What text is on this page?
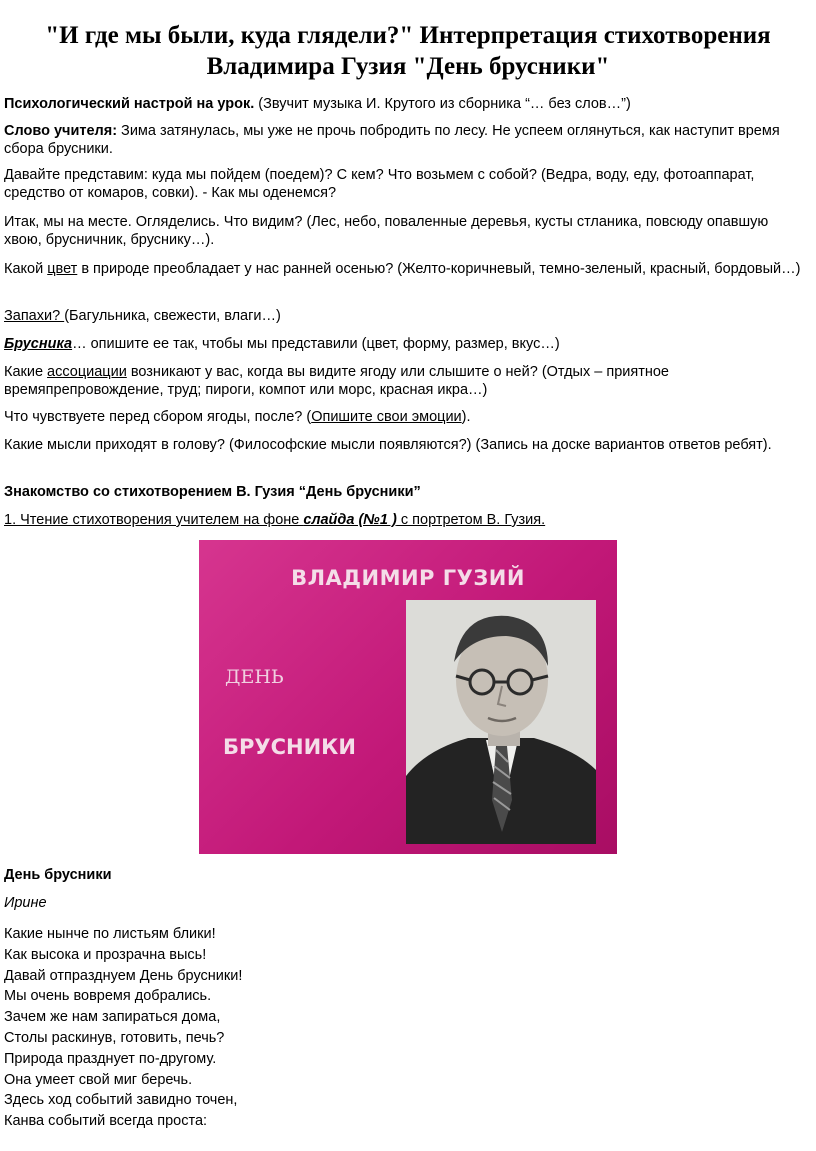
"И где мы были, куда глядели?" Интерпретация стихотворения
Владимира Гузия "День брусники"
Психологический настрой на урок. (Звучит музыка И. Крутого из сборника “… без слов…”)
Слово учителя: Зима затянулась, мы уже не прочь побродить по лесу. Не успеем оглянуться, как наступит время сбора брусники.
Давайте представим: куда мы пойдем (поедем)? С кем? Что возьмем с собой? (Ведра, воду, еду, фотоаппарат, средство от комаров, совки). - Как мы оденемся?
Итак, мы на месте. Огляделись. Что видим? (Лес, небо, поваленные деревья, кусты стланика, повсюду опавшую хвою, брусничник, бруснику…).
Какой цвет в природе преобладает у нас ранней осенью? (Желто-коричневый, темно-зеленый, красный, бордовый…)
Запахи? (Багульника, свежести, влаги…)
Брусника… опишите ее так, чтобы мы представили (цвет, форму, размер, вкус…)
Какие ассоциации возникают у вас, когда вы видите ягоду или слышите о ней? (Отдых – приятное времяпрепровождение, труд; пироги, компот или морс, красная икра…)
Что чувствуете перед сбором ягоды, после? (Опишите свои эмоции).
Какие мысли приходят в голову? (Философские мысли появляются?) (Запись на доске вариантов ответов ребят).
Знакомство со стихотворением В. Гузия “День брусники”
1. Чтение стихотворения учителем на фоне слайда (№1 ) с портретом В. Гузия.
ВЛАДИМИР ГУЗИЙ
ДЕНЬ
БРУСНИКИ
День брусники
Ирине
Какие нынче по листьям блики!
Как высока и прозрачна высь!
Давай отпразднуем День брусники!
Мы очень вовремя добрались.
Зачем же нам запираться дома,
Столы раскинув, готовить, печь?
Природа празднует по-другому.
Она умеет свой миг беречь.
Здесь ход событий завидно точен,
Канва событий всегда проста:
